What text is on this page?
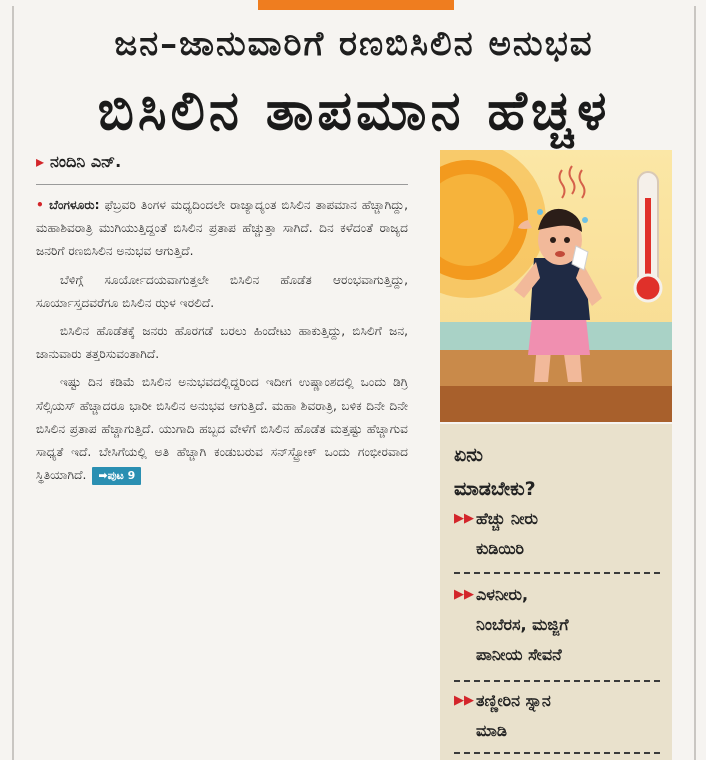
ಜನ–ಜಾನುವಾರಿಗೆ ರಣಬಿಸಿಲಿನ ಅನುಭವ
ಬಿಸಿಲಿನ ತಾಪಮಾನ ಹೆಚ್ಚಳ
▸ ನಂದಿನಿ ಎನ್.

• ಬೆಂಗಳೂರು: ಫೆಬ್ರವರಿ ತಿಂಗಳ ಮಧ್ಯದಿಂದಲೇ ರಾಜ್ಯಾದ್ಯಂತ ಬಿಸಿಲಿನ ತಾಪಮಾನ ಹೆಚ್ಚಾಗಿದ್ದು, ಮಹಾಶಿವರಾತ್ರಿ ಮುಗಿಯುತ್ತಿದ್ದಂತೆ ಬಿಸಿಲಿನ ಪ್ರತಾಪ ಹೆಚ್ಚುತ್ತಾ ಸಾಗಿದೆ. ದಿನ ಕಳೆದಂತೆ ರಾಜ್ಯದ ಜನರಿಗೆ ರಣಬಿಸಿಲಿನ ಅನುಭವ ಆಗುತ್ತಿದೆ.

ಬೆಳಿಗ್ಗೆ ಸೂರ್ಯೋದಯವಾಗುತ್ತಲೇ ಬಿಸಿಲಿನ ಹೊಡೆತ ಆರಂಭವಾಗುತ್ತಿದ್ದು, ಸೂರ್ಯಾಸ್ತದವರೆಗೂ ಬಿಸಿಲಿನ ಝಳ ಇರಲಿದೆ.

ಬಿಸಿಲಿನ ಹೊಡೆತಕ್ಕೆ ಜನರು ಹೊರಗಡೆ ಬರಲು ಹಿಂದೇಟು ಹಾಕುತ್ತಿದ್ದು, ಬಿಸಿಲಿಗೆ ಜನ, ಜಾನುವಾರು ತತ್ತರಿಸುವಂತಾಗಿದೆ.

ಇಷ್ಟು ದಿನ ಕಡಿಮೆ ಬಿಸಿಲಿನ ಅನುಭವದಲ್ಲಿದ್ದರಿಂದ ಇದೀಗ ಉಷ್ಣಾಂಶದಲ್ಲಿ ಒಂದು ಡಿಗ್ರಿ ಸೆಲ್ಸಿಯಸ್ ಹೆಚ್ಚಾದರೂ ಭಾರೀ ಬಿಸಿಲಿನ ಅನುಭವ ಆಗುತ್ತಿದೆ. ಮಹಾ ಶಿವರಾತ್ರಿ, ಬಳಿಕ ದಿನೇ ದಿನೇ ಬಿಸಿಲಿನ ಪ್ರತಾಪ ಹೆಚ್ಚಾಗುತ್ತಿದೆ. ಯುಗಾದಿ ಹಬ್ಬದ ವೇಳೆಗೆ ಬಿಸಿಲಿನ ಹೊಡೆತ ಮತ್ತಷ್ಟು ಹೆಚ್ಚಾಗುವ ಸಾಧ್ಯತೆ ಇದೆ. ಬೇಸಿಗೆಯಲ್ಲಿ ಅತಿ ಹೆಚ್ಚಾಗಿ ಕಂಡುಬರುವ ಸನ್‌ಸ್ಟ್ರೋಕ್ ಒಂದು ಗಂಭೀರವಾದ ಸ್ಥಿತಿಯಾಗಿದೆ. ➡ಪುಟ 9

ಏನು
ಮಾಡಬೇಕು?
▶▶ ಹೆಚ್ಚು ನೀರು
ಕುಡಿಯಿರಿ
▶▶ ಎಳನೀರು,
ನಿಂಬೆರಸ, ಮಜ್ಜಿಗೆ
ಪಾನೀಯ ಸೇವನೆ
▶▶ ತಣ್ಣೀರಿನ ಸ್ನಾನ
ಮಾಡಿ
